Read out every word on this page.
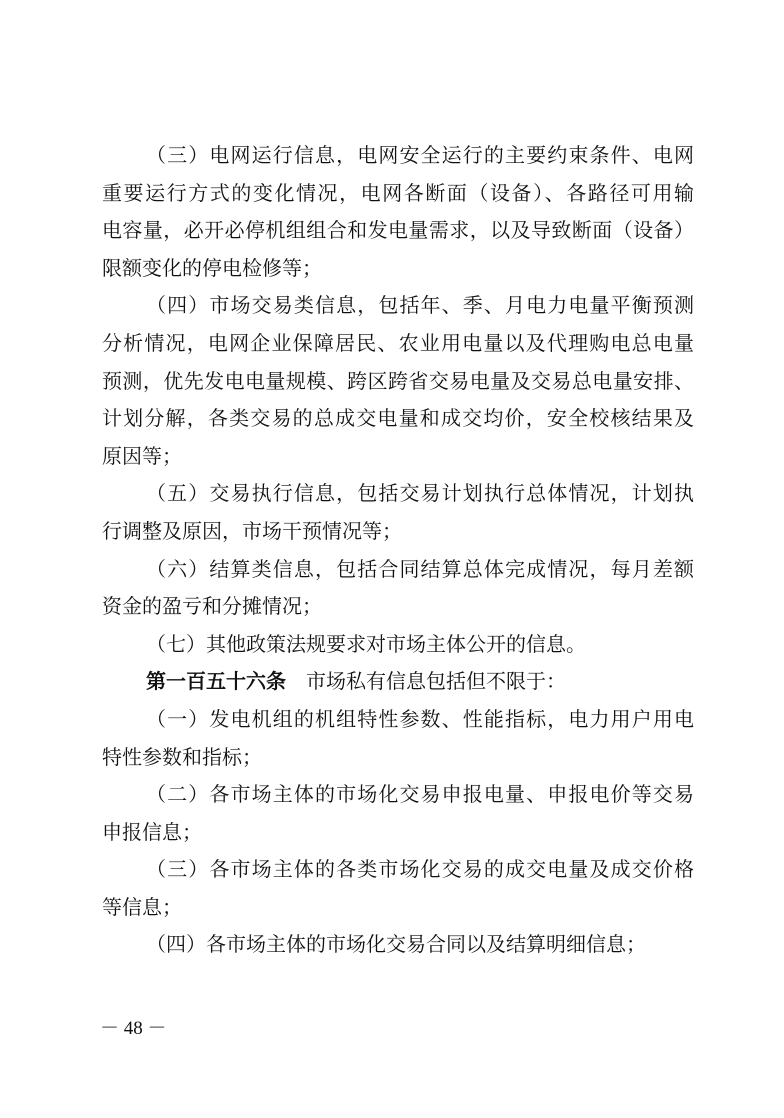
（三）电网运行信息，电网安全运行的主要约束条件、电网
重要运行方式的变化情况，电网各断面（设备）、各路径可用输
电容量，必开必停机组组合和发电量需求，以及导致断面（设备）
限额变化的停电检修等；
（四）市场交易类信息，包括年、季、月电力电量平衡预测
分析情况，电网企业保障居民、农业用电量以及代理购电总电量
预测，优先发电电量规模、跨区跨省交易电量及交易总电量安排、
计划分解，各类交易的总成交电量和成交均价，安全校核结果及
原因等；
（五）交易执行信息，包括交易计划执行总体情况，计划执
行调整及原因，市场干预情况等；
（六）结算类信息，包括合同结算总体完成情况，每月差额
资金的盈亏和分摊情况；
（七）其他政策法规要求对市场主体公开的信息。
第一百五十六条　 市场私有信息包括但不限于：
（一）发电机组的机组特性参数、性能指标，电力用户用电
特性参数和指标；
（二）各市场主体的市场化交易申报电量、申报电价等交易
申报信息；
（三）各市场主体的各类市场化交易的成交电量及成交价格
等信息；
（四）各市场主体的市场化交易合同以及结算明细信息；
－ 48 －
